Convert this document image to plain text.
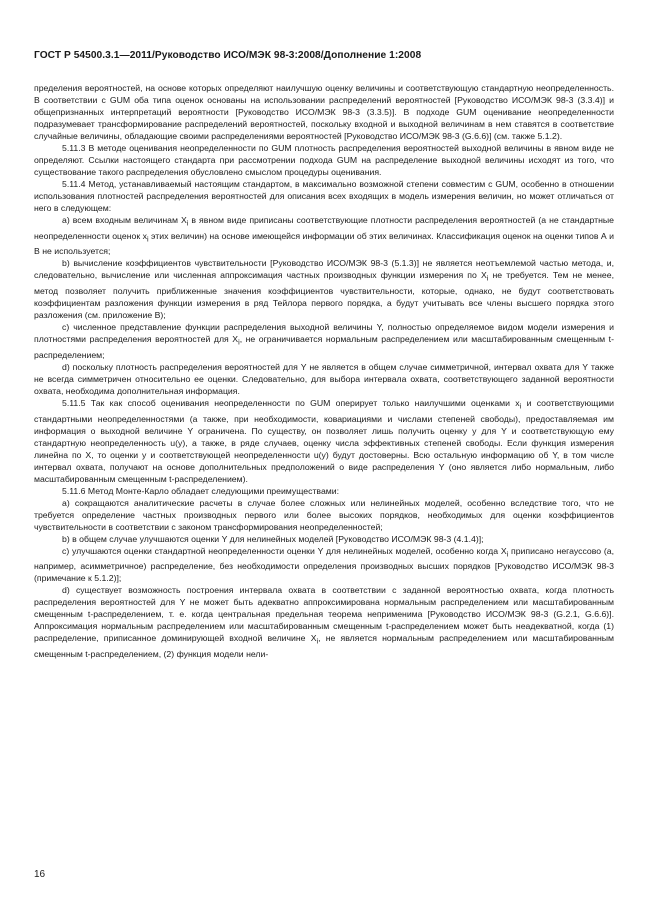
ГОСТ Р 54500.3.1—2011/Руководство ИСО/МЭК 98-3:2008/Дополнение 1:2008

пределения вероятностей, на основе которых определяют наилучшую оценку величины и соответствующую стандартную неопределенность. В соответствии с GUM оба типа оценок основаны на использовании распределений вероятностей [Руководство ИСО/МЭК 98-3 (3.3.4)] и общепризнанных интерпретаций вероятности [Руководство ИСО/МЭК 98-3 (3.3.5)]. В подходе GUM оценивание неопределенности подразумевает трансформирование распределений вероятностей, поскольку входной и выходной величинам в нем ставятся в соответствие случайные величины, обладающие своими распределениями вероятностей [Руководство ИСО/МЭК 98-3 (G.6.6)] (см. также 5.1.2).

5.11.3 В методе оценивания неопределенности по GUM плотность распределения вероятностей выходной величины в явном виде не определяют. Ссылки настоящего стандарта при рассмотрении подхода GUM на распределение выходной величины исходят из того, что существование такого распределения обусловлено смыслом процедуры оценивания.

5.11.4 Метод, устанавливаемый настоящим стандартом, в максимально возможной степени совместим с GUM, особенно в отношении использования плотностей распределения вероятностей для описания всех входящих в модель измерения величин, но может отличаться от него в следующем:

а) всем входным величинам $X_i$ в явном виде приписаны соответствующие плотности распределения вероятностей (а не стандартные неопределенности оценок $x_i$ этих величин) на основе имеющейся информации об этих величинах. Классификация оценок на оценки типов А и В не используется;

b) вычисление коэффициентов чувствительности [Руководство ИСО/МЭК 98-3 (5.1.3)] не является неотъемлемой частью метода, и, следовательно, вычисление или численная аппроксимация частных производных функции измерения по $X_i$ не требуется. Тем не менее, метод позволяет получить приближенные значения коэффициентов чувствительности, которые, однако, не будут соответствовать коэффициентам разложения функции измерения в ряд Тейлора первого порядка, а будут учитывать все члены высшего порядка этого разложения (см. приложение В);

с) численное представление функции распределения выходной величины Y, полностью определяемое видом модели измерения и плотностями распределения вероятностей для $X_i$, не ограничивается нормальным распределением или масштабированным смещенным t-распределением;

d) поскольку плотность распределения вероятностей для Y не является в общем случае симметричной, интервал охвата для Y также не всегда симметричен относительно ее оценки. Следовательно, для выбора интервала охвата, соответствующего заданной вероятности охвата, необходима дополнительная информация.

5.11.5 Так как способ оценивания неопределенности по GUM оперирует только наилучшими оценками $x_i$ и соответствующими стандартными неопределенностями (а также, при необходимости, ковариациями и числами степеней свободы), предоставляемая им информация о выходной величине Y ограничена. По существу, он позволяет лишь получить оценку y для Y и соответствующую ему стандартную неопределенность u(y), а также, в ряде случаев, оценку числа эффективных степеней свободы. Если функция измерения линейна по X, то оценки y и соответствующей неопределенности u(y) будут достоверны. Всю остальную информацию об Y, в том числе интервал охвата, получают на основе дополнительных предположений о виде распределения Y (оно является либо нормальным, либо масштабированным смещенным t-распределением).

5.11.6 Метод Монте-Карло обладает следующими преимуществами:

а) сокращаются аналитические расчеты в случае более сложных или нелинейных моделей, особенно вследствие того, что не требуется определение частных производных первого или более высоких порядков, необходимых для оценки коэффициентов чувствительности в соответствии с законом трансформирования неопределенностей;

b) в общем случае улучшаются оценки Y для нелинейных моделей [Руководство ИСО/МЭК 98-3 (4.1.4)];

с) улучшаются оценки стандартной неопределенности оценки Y для нелинейных моделей, особенно когда $X_i$ приписано негауссово (а, например, асимметричное) распределение, без необходимости определения производных высших порядков [Руководство ИСО/МЭК 98-3 (примечание к 5.1.2)];

d) существует возможность построения интервала охвата в соответствии с заданной вероятностью охвата, когда плотность распределения вероятностей для Y не может быть адекватно аппроксимирована нормальным распределением или масштабированным смещенным t-распределением, т. е. когда центральная предельная теорема неприменима [Руководство ИСО/МЭК 98-3 (G.2.1, G.6.6)]. Аппроксимация нормальным распределением или масштабированным смещенным t-распределением может быть неадекватной, когда (1) распределение, приписанное доминирующей входной величине $X_i$, не является нормальным распределением или масштабированным смещенным t-распределением, (2) функция модели нели-

16
